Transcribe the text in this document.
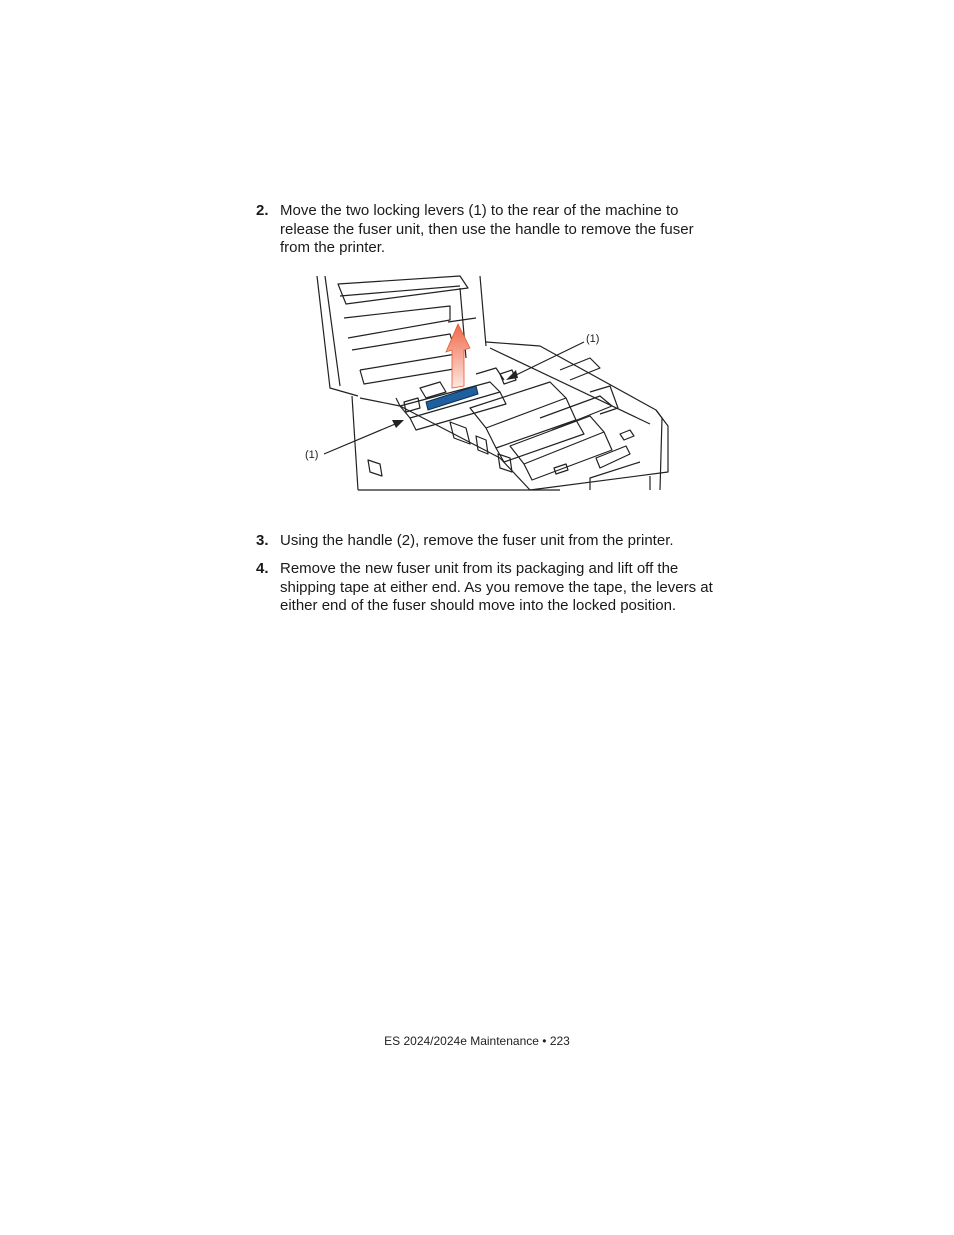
2. Move the two locking levers (1) to the rear of the machine to release the fuser unit, then use the handle to remove the fuser from the printer.
(1)
(1)
3. Using the handle (2), remove the fuser unit from the printer.
4. Remove the new fuser unit from its packaging and lift off the shipping tape at either end. As you remove the tape, the levers at either end of the fuser should move into the locked position.
ES 2024/2024e Maintenance • 223
